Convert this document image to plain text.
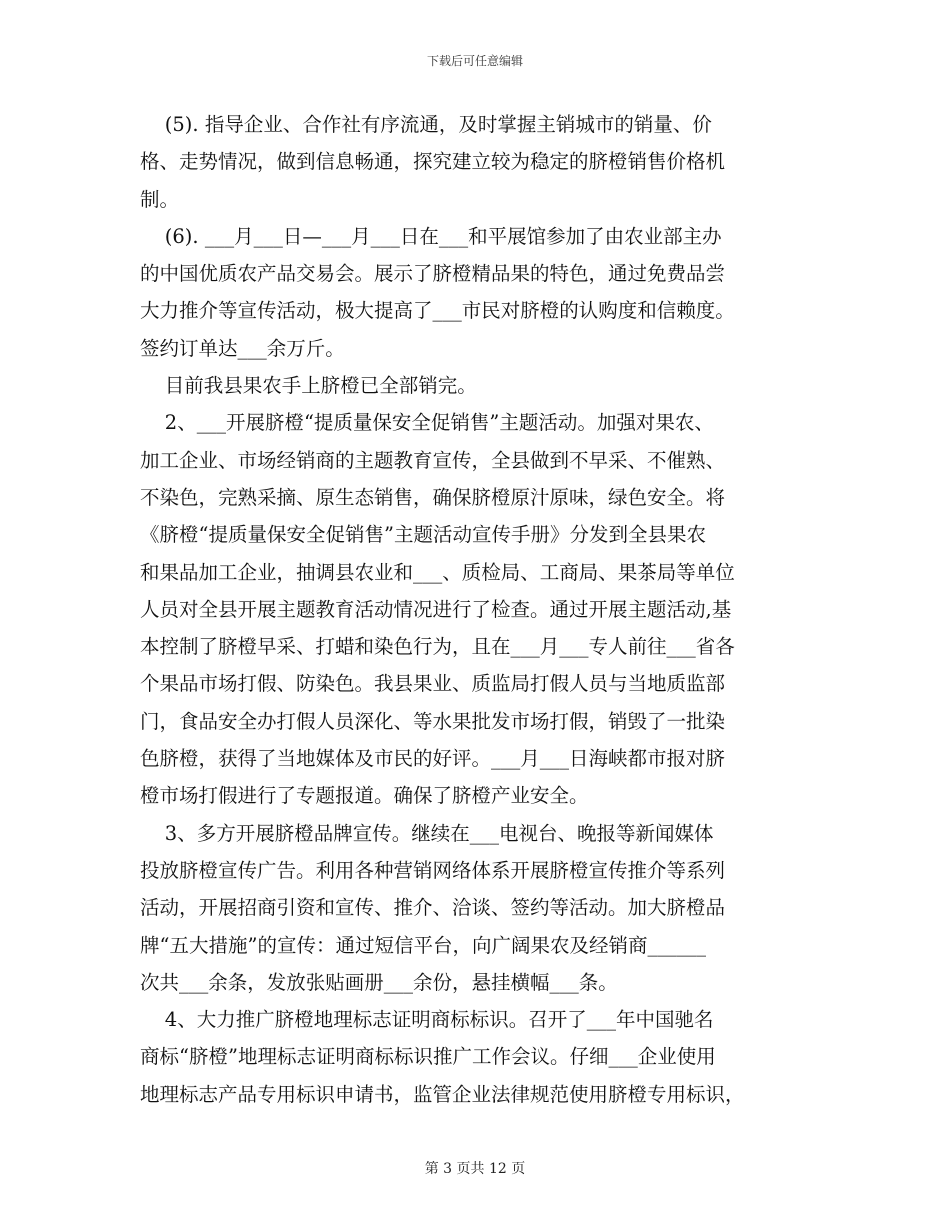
下载后可任意编辑
(5). 指导企业、合作社有序流通，及时掌握主销城市的销量、价
格、走势情况，做到信息畅通，探究建立较为稳定的脐橙销售价格机
制。
(6). ___月___日—___月___日在___和平展馆参加了由农业部主办
的中国优质农产品交易会。展示了脐橙精品果的特色，通过免费品尝
大力推介等宣传活动，极大提高了___市民对脐橙的认购度和信赖度。
签约订单达___余万斤。
目前我县果农手上脐橙已全部销完。
2、___开展脐橙“提质量保安全促销售”主题活动。加强对果农、
加工企业、市场经销商的主题教育宣传，全县做到不早采、不催熟、
不染色，完熟采摘、原生态销售，确保脐橙原汁原味，绿色安全。将
《脐橙“提质量保安全促销售”主题活动宣传手册》分发到全县果农
和果品加工企业，抽调县农业和___、质检局、工商局、果茶局等单位
人员对全县开展主题教育活动情况进行了检查。通过开展主题活动,基
本控制了脐橙早采、打蜡和染色行为，且在___月___专人前往___省各
个果品市场打假、防染色。我县果业、质监局打假人员与当地质监部
门，食品安全办打假人员深化、等水果批发市场打假，销毁了一批染
色脐橙，获得了当地媒体及市民的好评。___月___日海峡都市报对脐
橙市场打假进行了专题报道。确保了脐橙产业安全。
3、多方开展脐橙品牌宣传。继续在___电视台、晚报等新闻媒体
投放脐橙宣传广告。利用各种营销网络体系开展脐橙宣传推介等系列
活动，开展招商引资和宣传、推介、洽谈、签约等活动。加大脐橙品
牌“五大措施”的宣传：通过短信平台，向广阔果农及经销商______
次共___余条，发放张贴画册___余份，悬挂横幅___条。
4、大力推广脐橙地理标志证明商标标识。召开了___年中国驰名
商标“脐橙”地理标志证明商标标识推广工作会议。仔细___企业使用
地理标志产品专用标识申请书，监管企业法律规范使用脐橙专用标识，
第 3 页共 12 页
